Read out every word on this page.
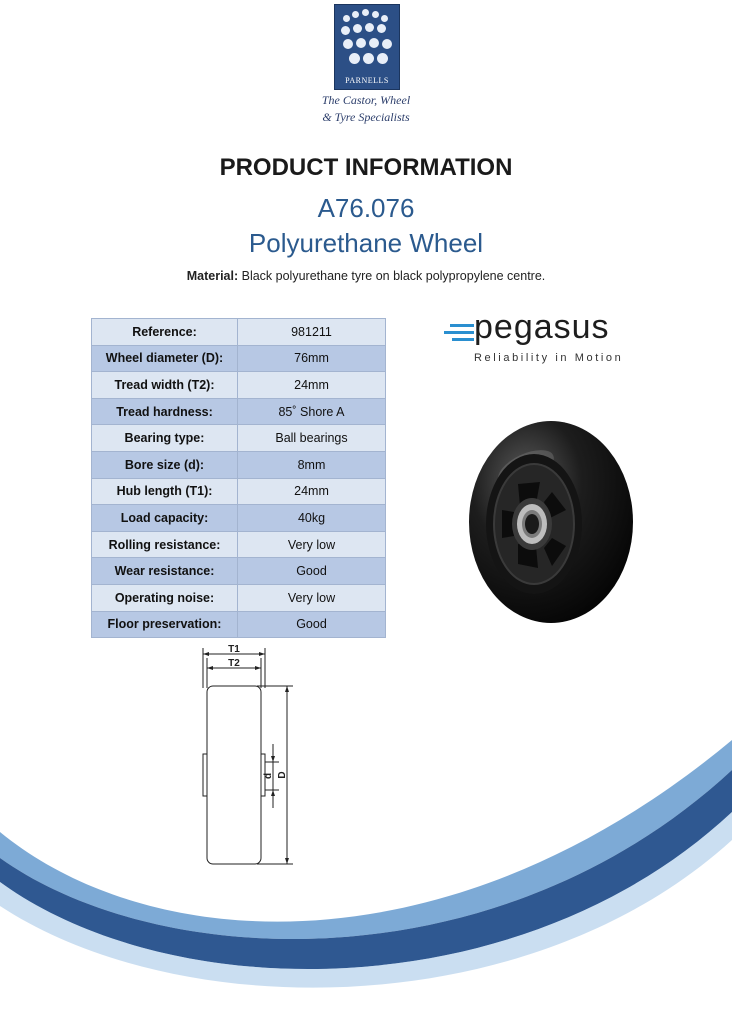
PARNELLS
The Castor, Wheel
& Tyre Specialists
PRODUCT INFORMATION
A76.076
Polyurethane Wheel
Material: Black polyurethane tyre on black polypropylene centre.
Reference:	981211
Wheel diameter (D):	76mm
Tread width (T2):	24mm
Tread hardness:	85˚ Shore A
Bearing type:	Ball bearings
Bore size (d):	8mm
Hub length (T1):	24mm
Load capacity:	40kg
Rolling resistance:	Very low
Wear resistance:	Good
Operating noise:	Very low
Floor preservation:	Good
pegasus
Reliability in Motion
T1
T2
d D
